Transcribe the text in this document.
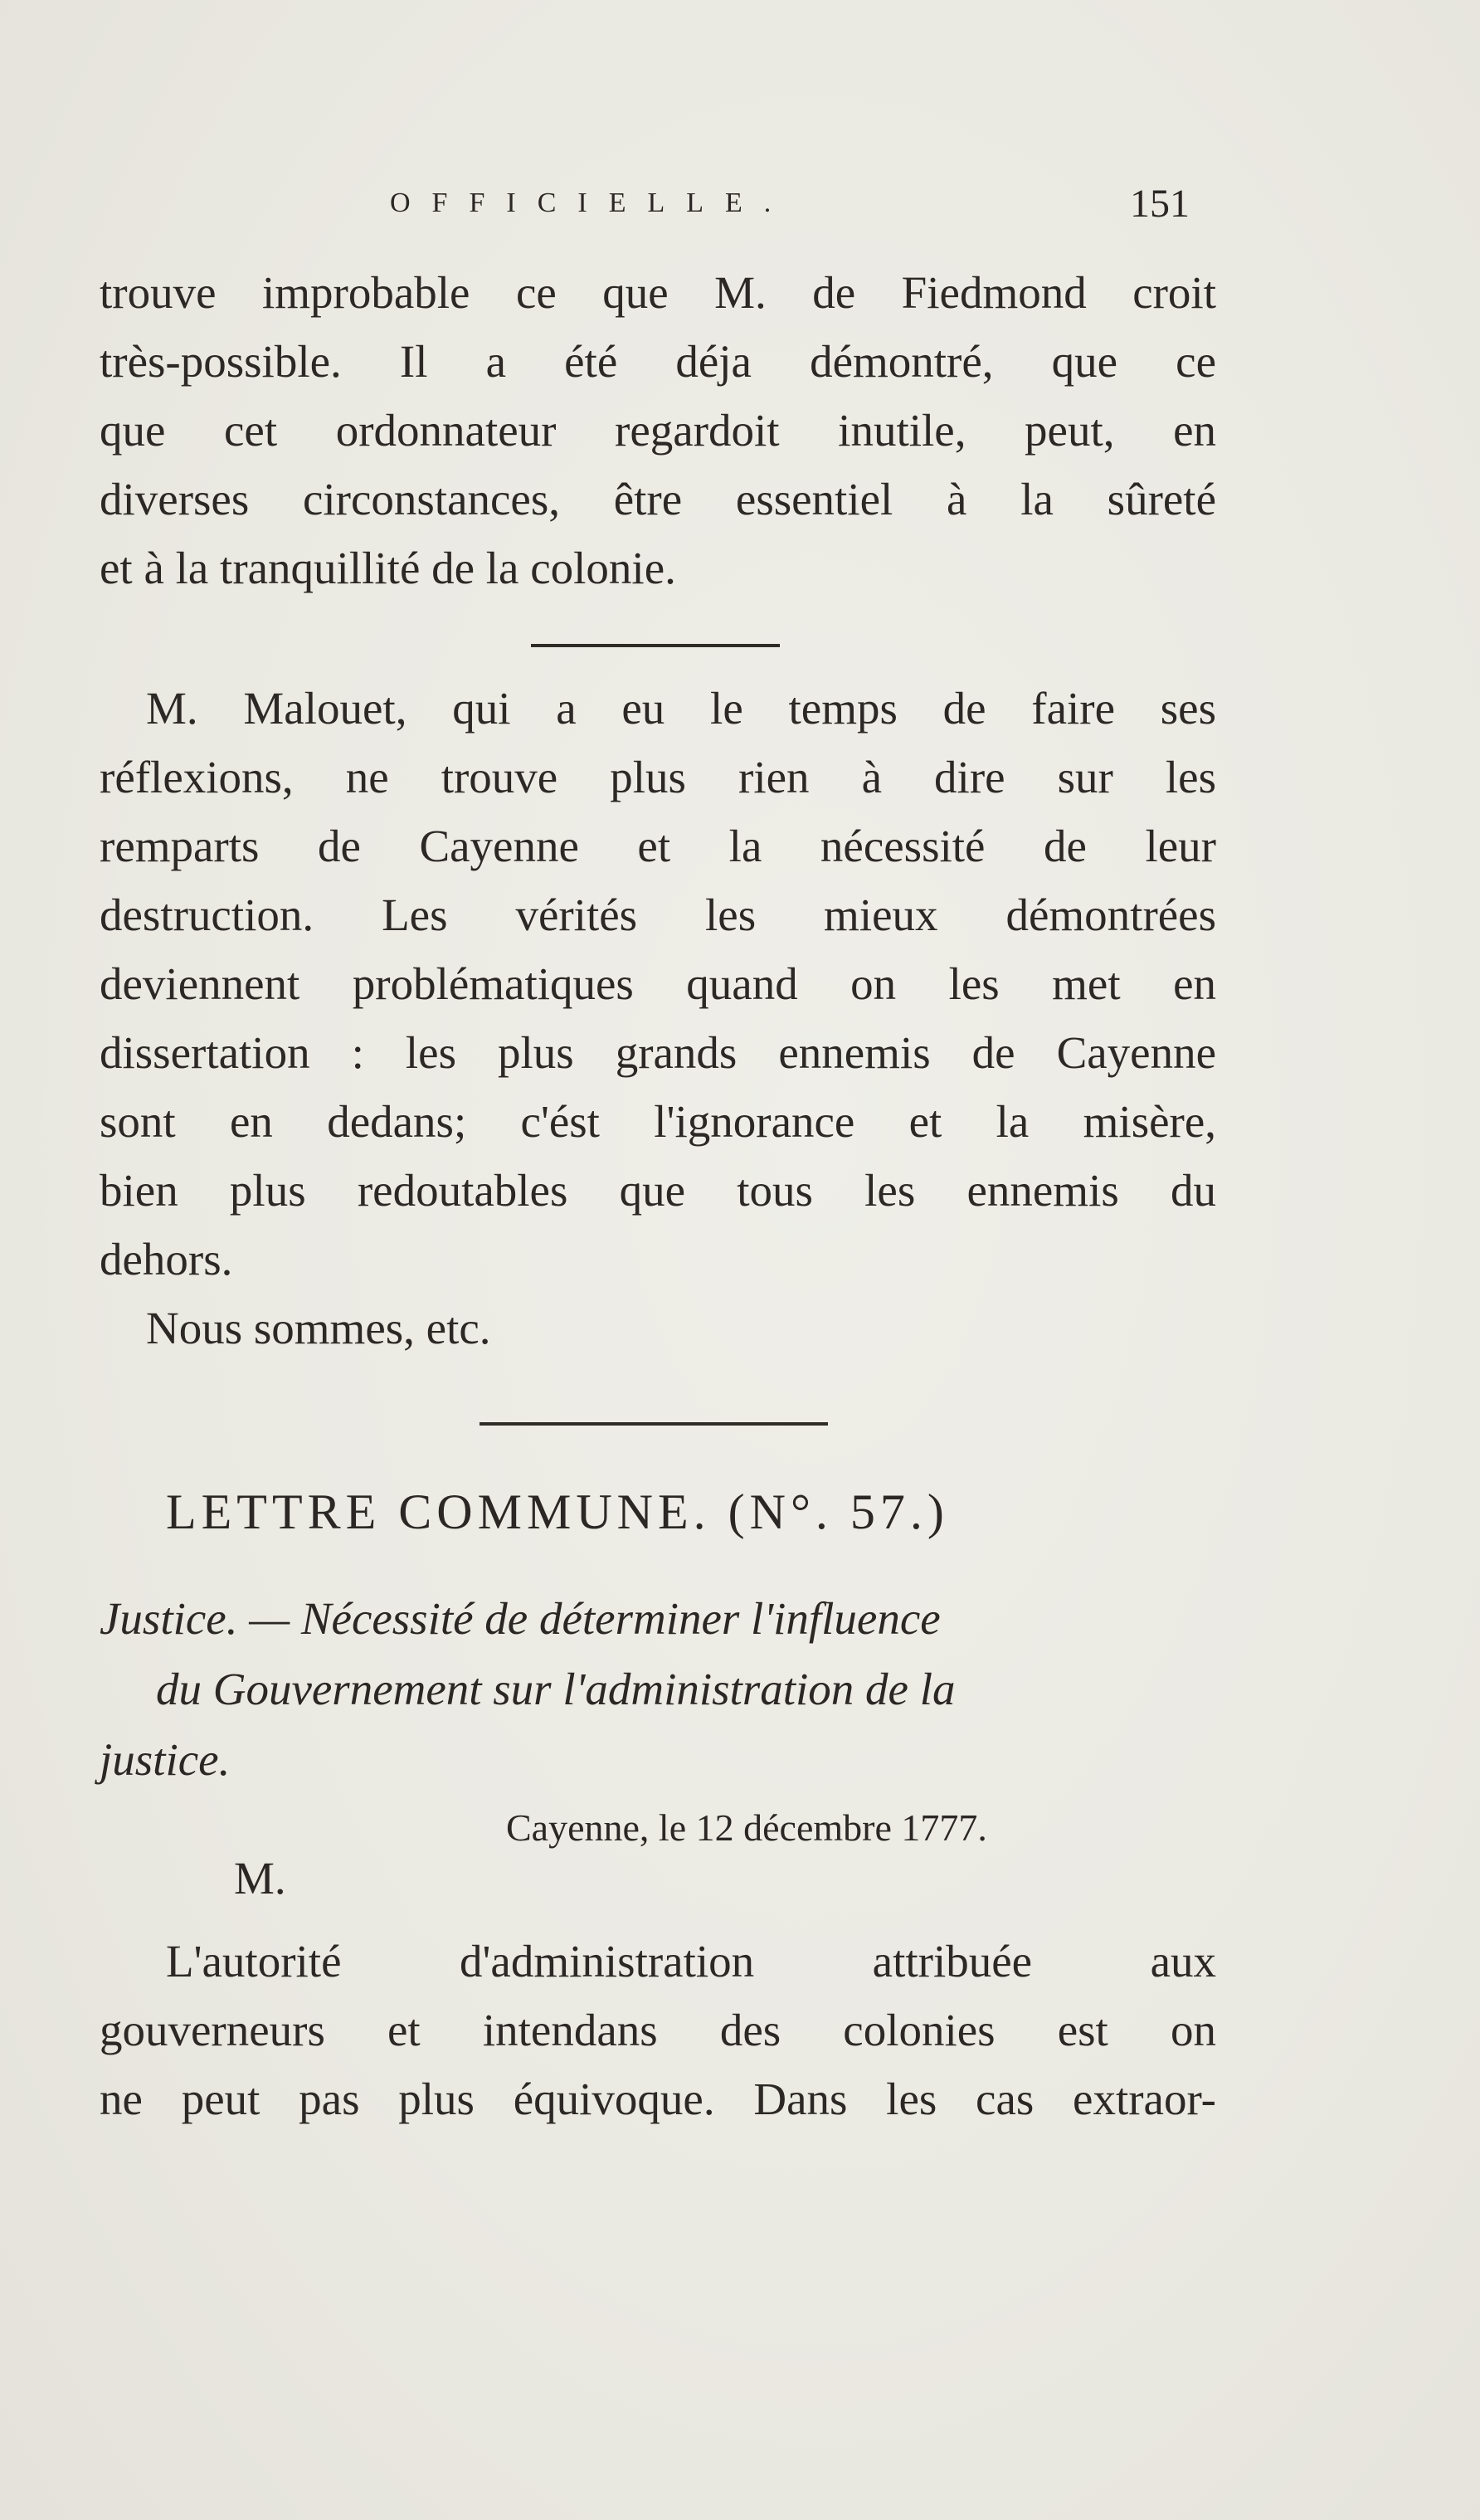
OFFICIELLE.	151
trouve improbable ce que M. de Fiedmond croit
très-possible. Il a été déja démontré, que ce
que cet ordonnateur regardoit inutile, peut, en
diverses circonstances, être essentiel à la sûreté
et à la tranquillité de la colonie.
M. Malouet, qui a eu le temps de faire ses
réflexions, ne trouve plus rien à dire sur les
remparts de Cayenne et la nécessité de leur
destruction. Les vérités les mieux démontrées
deviennent problématiques quand on les met en
dissertation : les plus grands ennemis de Cayenne
sont en dedans; c'ést l'ignorance et la misère,
bien plus redoutables que tous les ennemis du
dehors.
Nous sommes, etc.
LETTRE COMMUNE. (N°. 57.)
Justice. — Nécessité de déterminer l'influence
du Gouvernement sur l'administration de la
justice.
Cayenne, le 12 décembre 1777.
M.
L'autorité d'administration attribuée aux
gouverneurs et intendans des colonies est on
ne peut pas plus équivoque. Dans les cas extraor-
